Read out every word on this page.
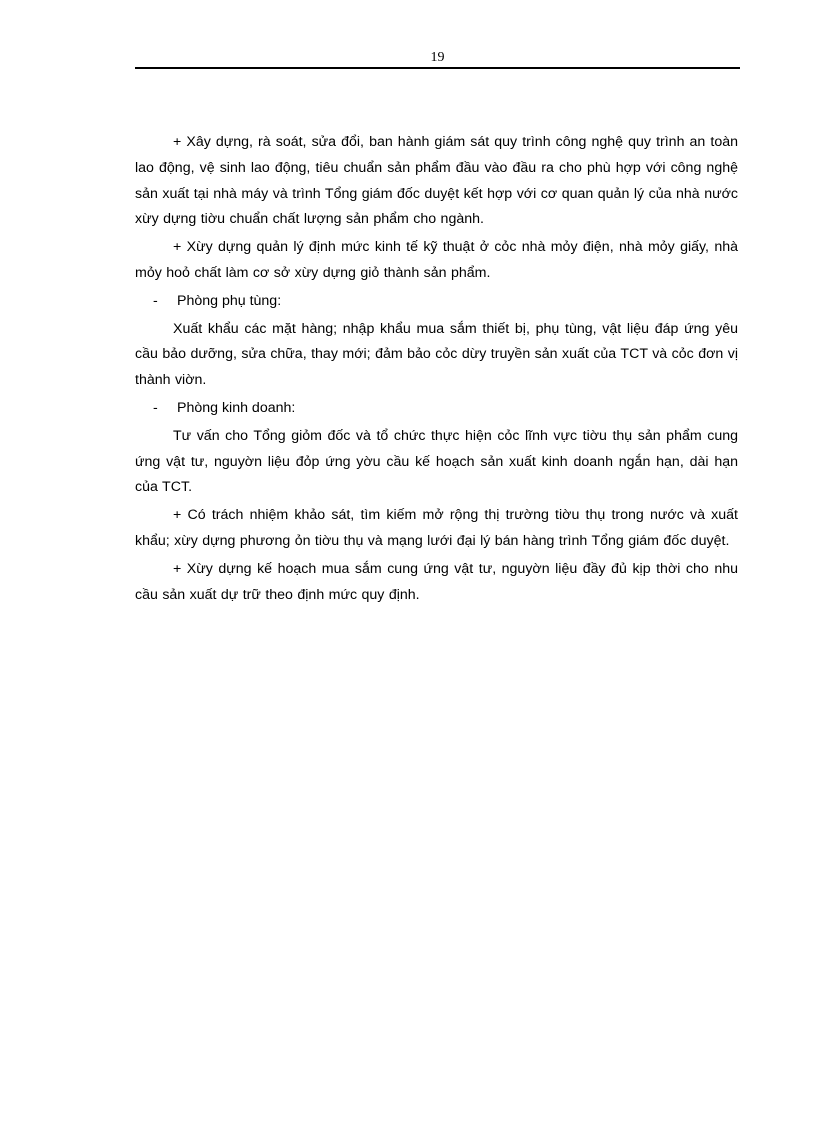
19

+ Xây dựng, rà soát, sửa đổi, ban hành giám sát quy trình công nghệ quy trình an toàn lao động, vệ sinh lao động, tiêu chuẩn sản phẩm đầu vào đầu ra cho phù hợp với công nghệ sản xuất tại nhà máy và trình Tổng giám đốc duyệt kết hợp với cơ quan quản lý của nhà nước xừy dựng tiờu chuẩn chất lượng sản phẩm cho ngành.

+ Xừy dựng quản lý định mức kinh tế kỹ thuật ở cỏc nhà mỏy điện, nhà mỏy giấy, nhà mỏy hoỏ chất làm cơ sở xừy dựng giỏ thành sản phẩm.

- Phòng phụ tùng:

Xuất khẩu các mặt hàng; nhập khẩu mua sắm thiết bị, phụ tùng, vật liệu đáp ứng yêu cầu bảo dưỡng, sửa chữa, thay mới; đảm bảo cỏc dừy truyền sản xuất của TCT và cỏc đơn vị thành viờn.

- Phòng kinh doanh:

Tư vấn cho Tổng giỏm đốc và tổ chức thực hiện cỏc lĩnh vực tiờu thụ sản phẩm cung ứng vật tư, nguyờn liệu đỏp ứng yờu cầu kế hoạch sản xuất kinh doanh ngắn hạn, dài hạn của TCT.

+ Có trách nhiệm khảo sát, tìm kiếm mở rộng thị trường tiờu thụ trong nước và xuất khẩu; xừy dựng phương ỏn tiờu thụ và mạng lưới đại lý bán hàng trình Tổng giám đốc duyệt.

+ Xừy dựng kế hoạch mua sắm cung ứng vật tư, nguyờn liệu đầy đủ kịp thời cho nhu cầu sản xuất dự trữ theo định mức quy định.
